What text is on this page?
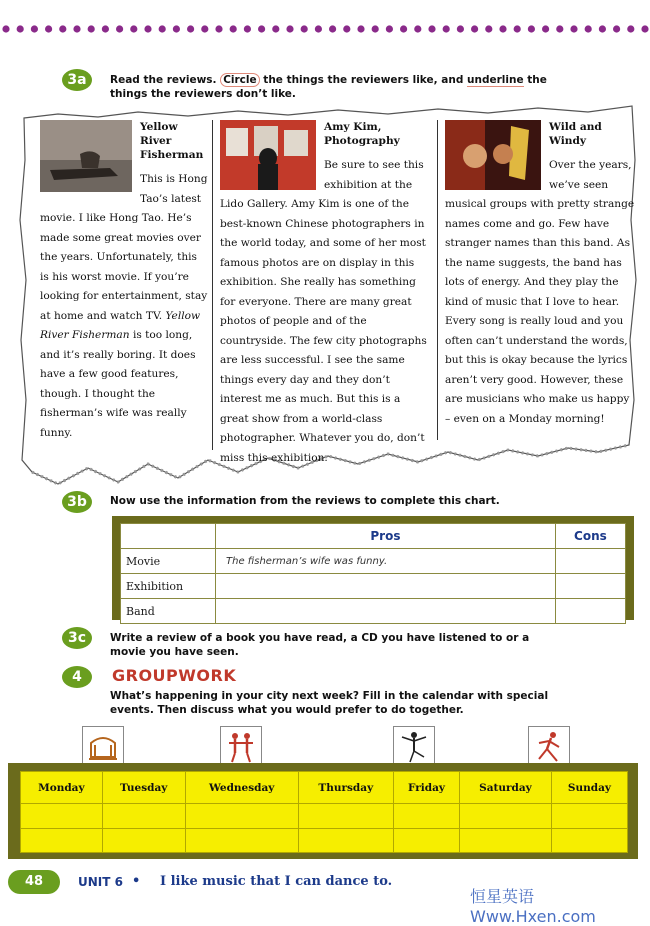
3a	Read the reviews. Circle the things the reviewers like, and underline the
things the reviewers don’t like.
Yellow River Fisherman
This is Hong Tao’s latest movie. I like Hong Tao. He’s made some great movies over the years. Unfortunately, this is his worst movie. If you’re looking for entertainment, stay at home and watch TV. Yellow River Fisherman is too long, and it’s really boring. It does have a few good features, though. I thought the fisherman’s wife was really funny.
Amy Kim, Photography
Be sure to see this exhibition at the Lido Gallery. Amy Kim is one of the best-known Chinese photographers in the world today, and some of her most famous photos are on display in this exhibition. She really has something for everyone. There are many great photos of people and of the countryside. The few city photographs are less successful. I see the same things every day and they don’t interest me as much. But this is a great show from a world-class photographer. Whatever you do, don’t miss this exhibition.
Wild and Windy
Over the years, we’ve seen musical groups with pretty strange names come and go. Few have stranger names than this band. As the name suggests, the band has lots of energy. And they play the kind of music that I love to hear. Every song is really loud and you often can’t understand the words, but this is okay because the lyrics aren’t very good. However, these are musicians who make us happy – even on a Monday morning!
3b	Now use the information from the reviews to complete this chart.
	Pros	Cons
Movie	The fisherman’s wife was funny.	
Exhibition		
Band		
3c	Write a review of a book you have read, a CD you have listened to or a
movie you have seen.
4	GROUPWORK
What’s happening in your city next week? Fill in the calendar with special
events. Then discuss what you would prefer to do together.
Monday	Tuesday	Wednesday	Thursday	Friday	Saturday	Sunday

48	UNIT 6 • I like music that I can dance to.
恒星英语 Www.Hxen.com
